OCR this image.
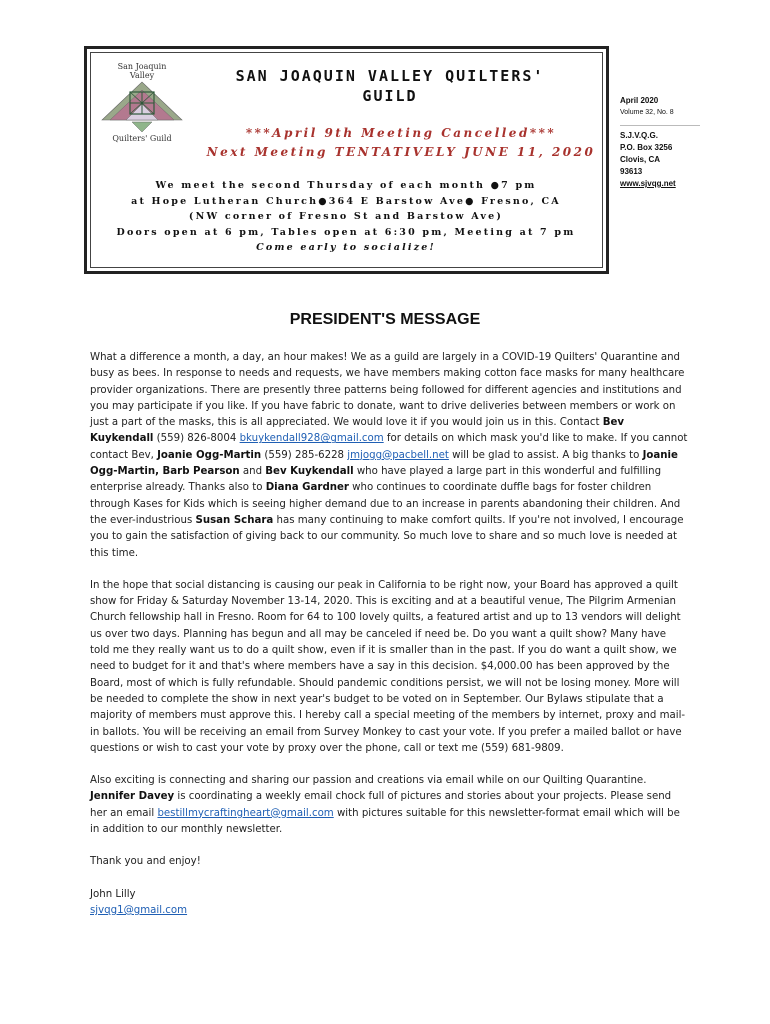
San Joaquin
Valley
Quilters' Guild
SAN JOAQUIN VALLEY QUILTERS'
GUILD
***April 9th Meeting Cancelled***
Next Meeting TENTATIVELY JUNE 11, 2020
We meet the second Thursday of each month ●7 pm
at Hope Lutheran Church●364 E Barstow Ave● Fresno, CA
(NW corner of Fresno St and Barstow Ave)
Doors open at 6 pm, Tables open at 6:30 pm, Meeting at 7 pm
Come early to socialize!
April 2020
Volume 32, No. 8
S.J.V.Q.G.
P.O. Box 3256
Clovis, CA
93613
www.sjvqg.net
PRESIDENT'S MESSAGE

What a difference a month, a day, an hour makes! We as a guild are largely in a COVID-19 Quilters' Quarantine and busy as bees. In response to needs and requests, we have members making cotton face masks for many healthcare provider organizations. There are presently three patterns being followed for different agencies and institutions and you may participate if you like. If you have fabric to donate, want to drive deliveries between members or work on just a part of the masks, this is all appreciated. We would love it if you would join us in this. Contact Bev Kuykendall (559) 826-8004 bkuykendall928@gmail.com for details on which mask you'd like to make. If you cannot contact Bev, Joanie Ogg-Martin (559) 285-6228 jmjogg@pacbell.net will be glad to assist. A big thanks to Joanie Ogg-Martin, Barb Pearson and Bev Kuykendall who have played a large part in this wonderful and fulfilling enterprise already. Thanks also to Diana Gardner who continues to coordinate duffle bags for foster children through Kases for Kids which is seeing higher demand due to an increase in parents abandoning their children. And the ever-industrious Susan Schara has many continuing to make comfort quilts. If you're not involved, I encourage you to gain the satisfaction of giving back to our community. So much love to share and so much love is needed at this time.

In the hope that social distancing is causing our peak in California to be right now, your Board has approved a quilt show for Friday & Saturday November 13-14, 2020. This is exciting and at a beautiful venue, The Pilgrim Armenian Church fellowship hall in Fresno. Room for 64 to 100 lovely quilts, a featured artist and up to 13 vendors will delight us over two days. Planning has begun and all may be canceled if need be. Do you want a quilt show? Many have told me they really want us to do a quilt show, even if it is smaller than in the past. If you do want a quilt show, we need to budget for it and that's where members have a say in this decision. $4,000.00 has been approved by the Board, most of which is fully refundable. Should pandemic conditions persist, we will not be losing money. More will be needed to complete the show in next year's budget to be voted on in September. Our Bylaws stipulate that a majority of members must approve this. I hereby call a special meeting of the members by internet, proxy and mail-in ballots. You will be receiving an email from Survey Monkey to cast your vote. If you prefer a mailed ballot or have questions or wish to cast your vote by proxy over the phone, call or text me (559) 681-9809.

Also exciting is connecting and sharing our passion and creations via email while on our Quilting Quarantine. Jennifer Davey is coordinating a weekly email chock full of pictures and stories about your projects. Please send her an email bestillmycraftingheart@gmail.com with pictures suitable for this newsletter-format email which will be in addition to our monthly newsletter.

Thank you and enjoy!

John Lilly
sjvqg1@gmail.com
